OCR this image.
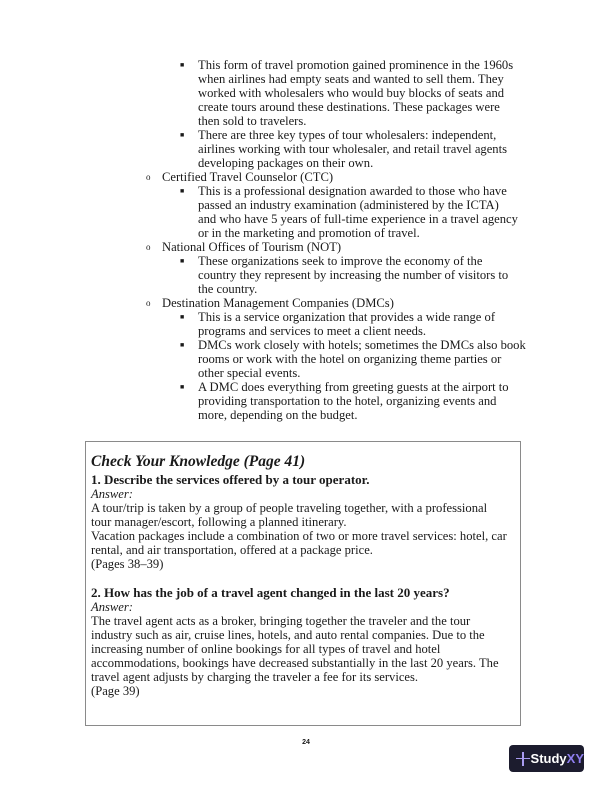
■ This form of travel promotion gained prominence in the 1960s
when airlines had empty seats and wanted to sell them. They
worked with wholesalers who would buy blocks of seats and
create tours around these destinations. These packages were
then sold to travelers.
■ There are three key types of tour wholesalers: independent,
airlines working with tour wholesaler, and retail travel agents
developing packages on their own.
o Certified Travel Counselor (CTC)
■ This is a professional designation awarded to those who have
passed an industry examination (administered by the ICTA)
and who have 5 years of full-time experience in a travel agency
or in the marketing and promotion of travel.
o National Offices of Tourism (NOT)
■ These organizations seek to improve the economy of the
country they represent by increasing the number of visitors to
the country.
o Destination Management Companies (DMCs)
■ This is a service organization that provides a wide range of
programs and services to meet a client needs.
■ DMCs work closely with hotels; sometimes the DMCs also book
rooms or work with the hotel on organizing theme parties or
other special events.
■ A DMC does everything from greeting guests at the airport to
providing transportation to the hotel, organizing events and
more, depending on the budget.
Check Your Knowledge (Page 41)
1. Describe the services offered by a tour operator.
Answer:
A tour/trip is taken by a group of people traveling together, with a professional
tour manager/escort, following a planned itinerary.
Vacation packages include a combination of two or more travel services: hotel, car
rental, and air transportation, offered at a package price.
(Pages 38–39)
2. How has the job of a travel agent changed in the last 20 years?
Answer:
The travel agent acts as a broker, bringing together the traveler and the tour
industry such as air, cruise lines, hotels, and auto rental companies. Due to the
increasing number of online bookings for all types of travel and hotel
accommodations, bookings have decreased substantially in the last 20 years. The
travel agent adjusts by charging the traveler a fee for its services.
(Page 39)
24
Study XY
